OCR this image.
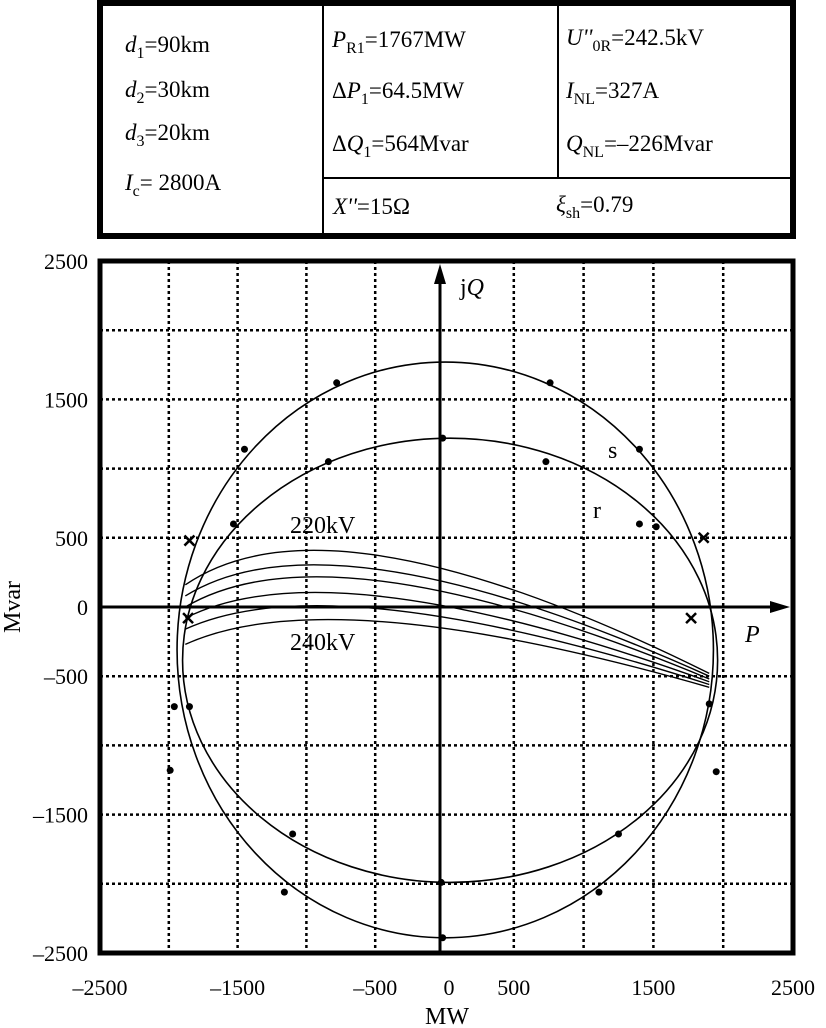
$d_1=90km$
$d_2=30km$
$d_3=20km$
$I_c= 2800A$
$P_{R1}=1767MW$
$\Delta P_1=64.5MW$
$\Delta Q_1=564Mvar$
$U''_{0R}=242.5kV$
$I_{NL}=327A$
$Q_{NL}=-226Mvar$
X''=15Ω	$\xi_{sh}=0.79$
–2500	–1500	–500 0 500	1500	2500
2500
1500
500
0
–500
–1500
–2500
MW
Mvar
P
jQ
s
r
220kV
240kV
